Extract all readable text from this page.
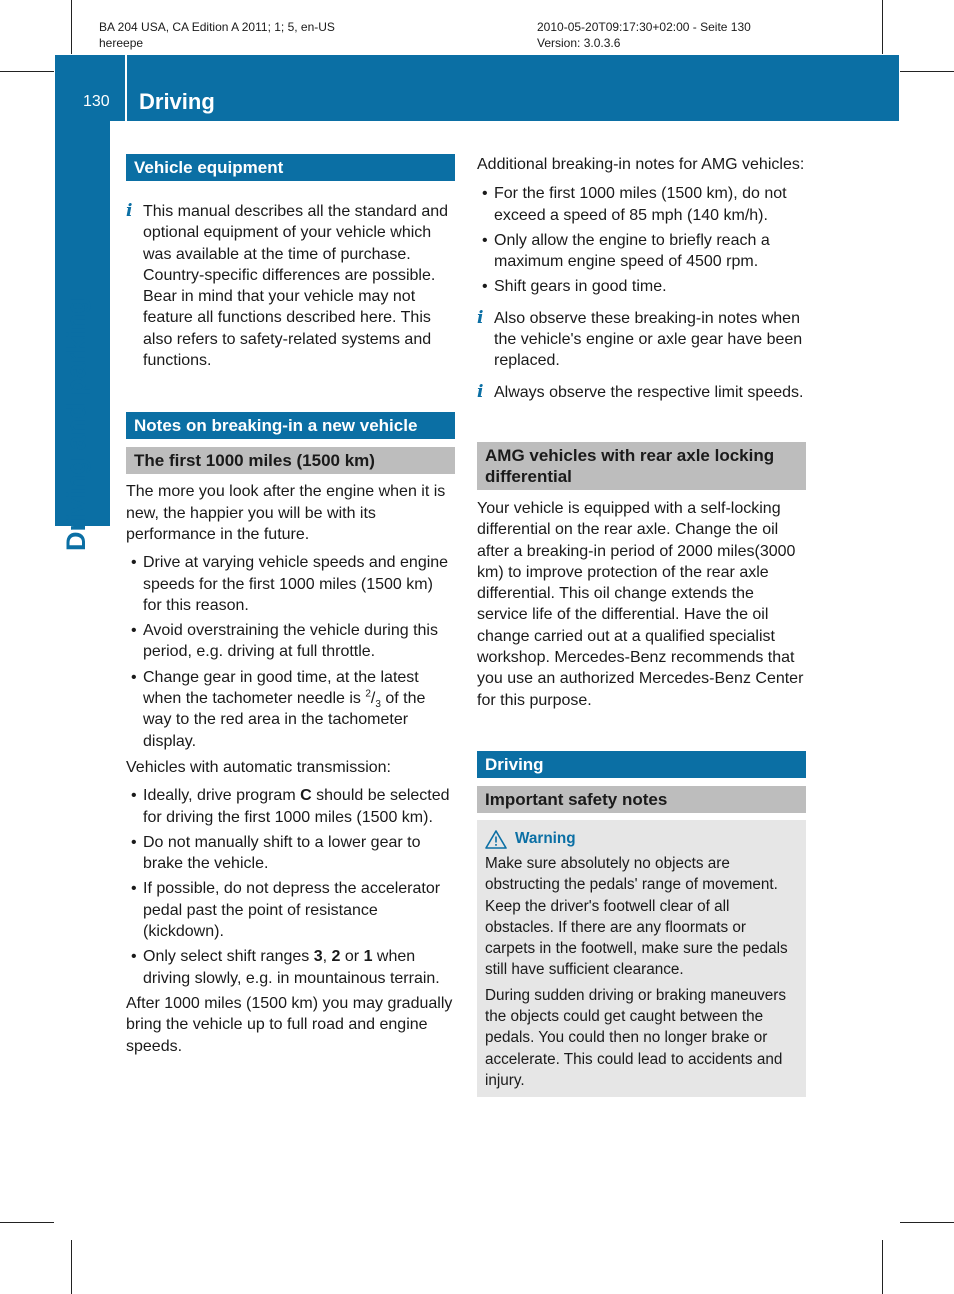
BA 204 USA, CA Edition A 2011; 1; 5, en-US
hereepe
2010-05-20T09:17:30+02:00 - Seite 130
Version: 3.0.3.6
130 Driving
Driving and parking
Vehicle equipment
i This manual describes all the standard and optional equipment of your vehicle which was available at the time of purchase. Country-specific differences are possible. Bear in mind that your vehicle may not feature all functions described here. This also refers to safety-related systems and functions.

Notes on breaking-in a new vehicle
The first 1000 miles (1500 km)

The more you look after the engine when it is new, the happier you will be with its performance in the future.

• Drive at varying vehicle speeds and engine speeds for the first 1000 miles (1500 km) for this reason.
• Avoid overstraining the vehicle during this period, e.g. driving at full throttle.
• Change gear in good time, at the latest when the tachometer needle is $^2/_3$ of the way to the red area in the tachometer display.

Vehicles with automatic transmission:

• Ideally, drive program C should be selected for driving the first 1000 miles (1500 km).
• Do not manually shift to a lower gear to brake the vehicle.
• If possible, do not depress the accelerator pedal past the point of resistance (kickdown).
• Only select shift ranges 3, 2 or 1 when driving slowly, e.g. in mountainous terrain.

After 1000 miles (1500 km) you may gradually bring the vehicle up to full road and engine speeds.

Additional breaking-in notes for AMG vehicles:

• For the first 1000 miles (1500 km), do not exceed a speed of 85 mph (140 km/h).
• Only allow the engine to briefly reach a maximum engine speed of 4500 rpm.
• Shift gears in good time.
i Also observe these breaking-in notes when the vehicle's engine or axle gear have been replaced.

i Always observe the respective limit speeds.

AMG vehicles with rear axle locking differential

Your vehicle is equipped with a self-locking differential on the rear axle. Change the oil after a breaking-in period of 2000 miles(3000 km) to improve protection of the rear axle differential. This oil change extends the service life of the differential. Have the oil change carried out at a qualified specialist workshop. Mercedes-Benz recommends that you use an authorized Mercedes-Benz Center for this purpose.

Driving
Important safety notes
Warning

Make sure absolutely no objects are obstructing the pedals' range of movement. Keep the driver's footwell clear of all obstacles. If there are any floormats or carpets in the footwell, make sure the pedals still have sufficient clearance.

During sudden driving or braking maneuvers the objects could get caught between the pedals. You could then no longer brake or accelerate. This could lead to accidents and injury.
